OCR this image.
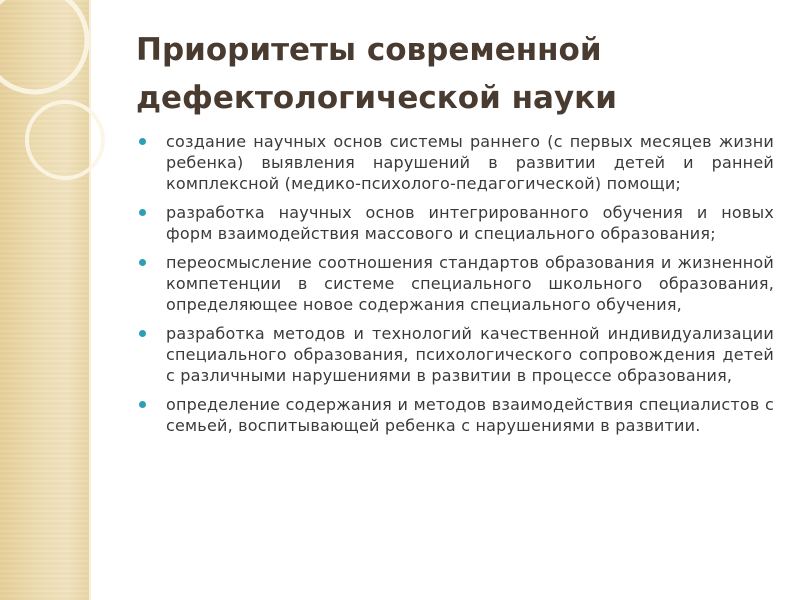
Приоритеты современной
дефектологической науки
создание научных основ системы раннего (с первых месяцев жизни ребенка) выявления нарушений в развитии детей и ранней комплексной (медико-психолого-педагогической) помощи;
разработка научных основ интегрированного обучения и новых форм взаимодействия массового и специального образования;
переосмысление соотношения стандартов образования и жизненной компетенции в системе специального школьного образования, определяющее новое содержания специального обучения,
разработка методов и технологий качественной индивидуализации специального образования, психологического сопровождения детей с различными нарушениями в развитии в процессе образования,
определение содержания и методов взаимодействия специалистов с семьей, воспитывающей ребенка с нарушениями в развитии.
